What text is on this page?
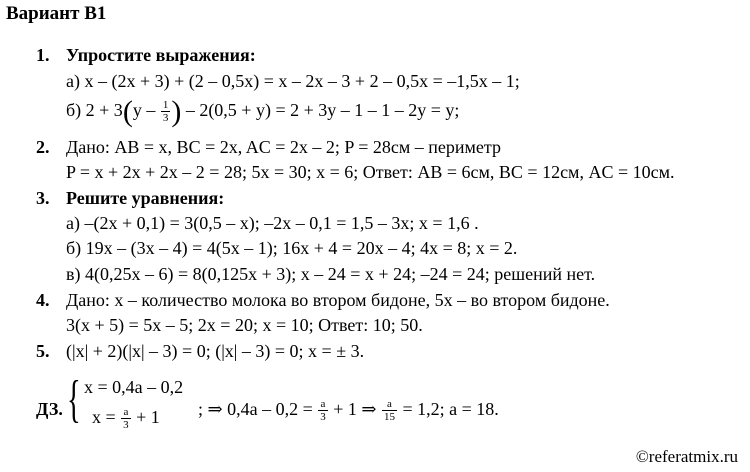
Вариант В1
1. Упростите выражения:
а) x – (2x + 3) + (2 – 0,5x) = x – 2x – 3 + 2 – 0,5x = –1,5x – 1;
б) $2 + 3(y - \frac{1}{3}$ ) – 2(0,5 + y) = 2 + 3y – 1 – 1 – 2y = y;
2. Дано: AB = x, BC = 2x, AC = 2x – 2; P = 28см – периметр
P = x + 2x + 2x – 2 = 28; 5x = 30; x = 6; Ответ: AB = 6см, BC = 12см, AC = 10см.
3. Решите уравнения:
а) –(2x + 0,1) = 3(0,5 – x); –2x – 0,1 = 1,5 – 3x; x = 1,6 .
б) 19x – (3x – 4) = 4(5x – 1); 16x + 4 = 20x – 4; 4x = 8; x = 2.
в) 4(0,25x – 6) = 8(0,125x + 3); x – 24 = x + 24; –24 = 24; решений нет.
4. Дано: x – количество молока во втором бидоне, 5x – во втором бидоне.
3(x + 5) = 5x – 5; 2x = 20; x = 10; Ответ: 10; 50.
5. (|x| + 2)(|x| – 3) = 0; (|x| – 3) = 0; x = ± 3.
ДЗ. { x = 0,4a – 0,2
$x = \frac{a}{3} + 1$ ; ⇒ $0,4a - 0,2 = \frac{a}{3} + 1$ ⇒ $\frac{a}{15} = 1,2$; a = 18.
©referatmix.ru
